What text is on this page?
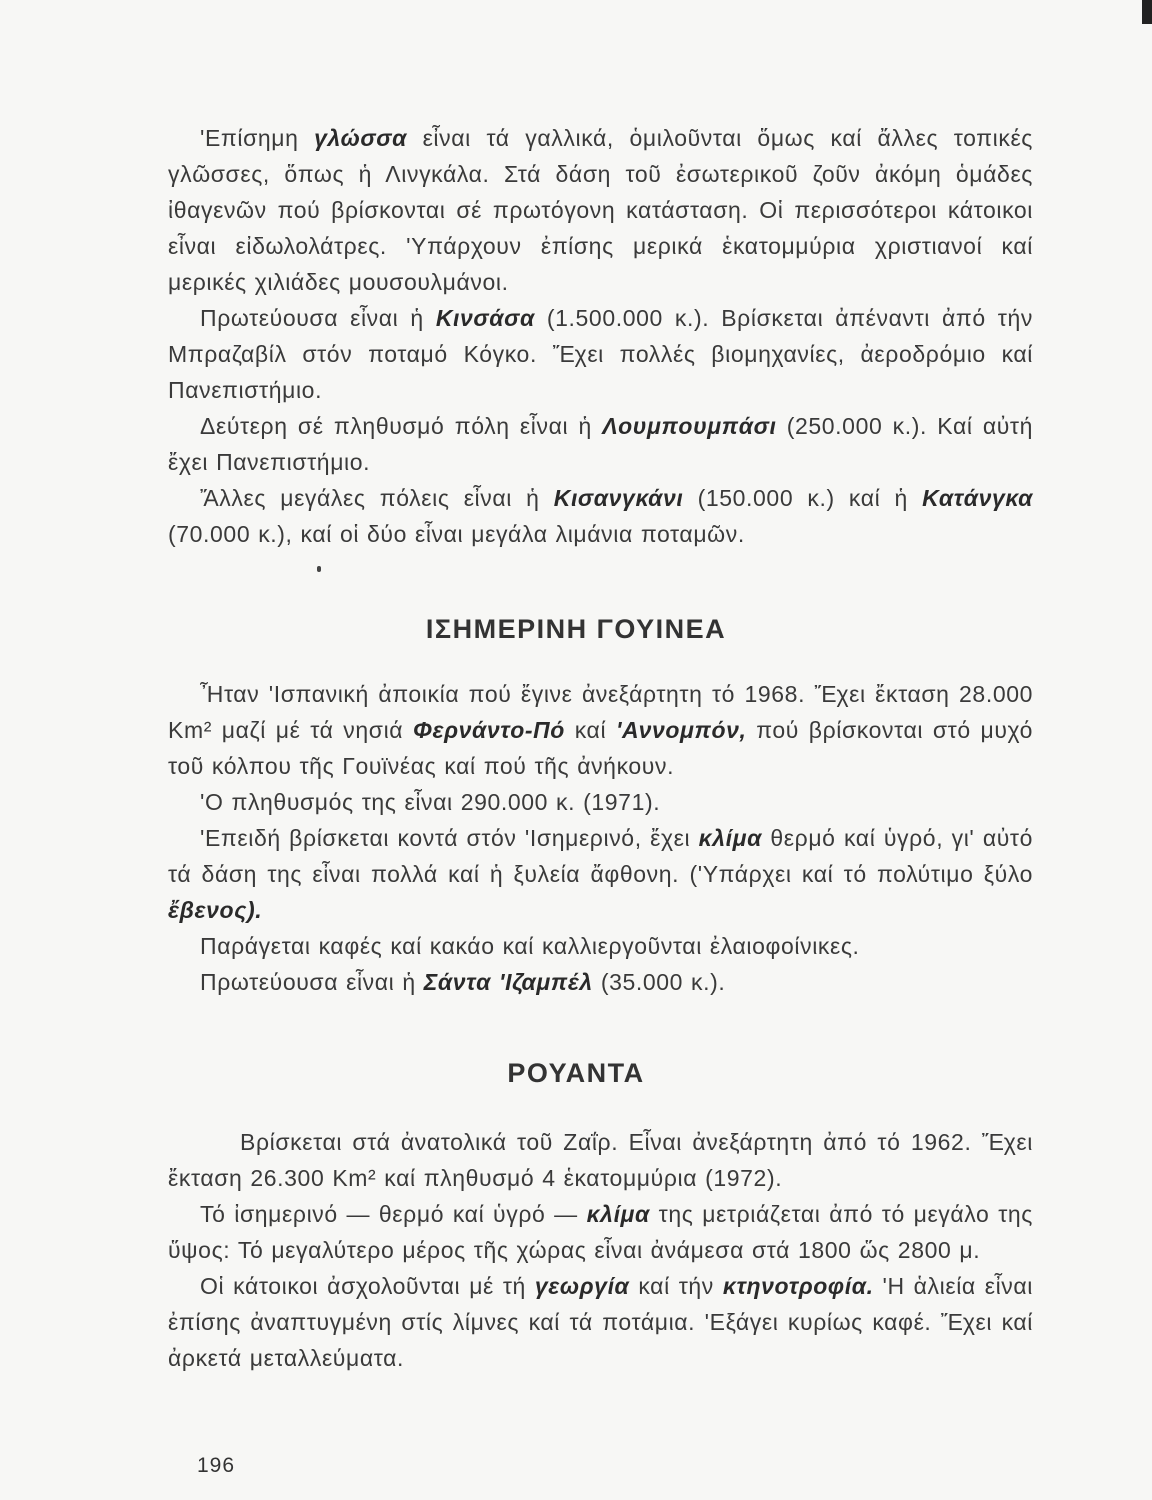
'Επίσημη γλώσσα εἶναι τά γαλλικά, ὁμιλοῦνται ὅμως καί ἄλλες τοπικές γλῶσσες, ὅπως ἡ Λινγκάλα. Στά δάση τοῦ ἐσωτερικοῦ ζοῦν ἀκόμη ὁμάδες ἰθαγενῶν πού βρίσκονται σέ πρωτόγονη κατάσταση. Οἱ περισσότεροι κάτοικοι εἶναι εἰδωλολάτρες. 'Υπάρχουν ἐπίσης μερικά ἑκατομμύρια χριστιανοί καί μερικές χιλιάδες μουσουλμάνοι.

Πρωτεύουσα εἶναι ἡ Κινσάσα (1.500.000 κ.). Βρίσκεται ἀπέναντι ἀπό τήν Μπραζαβίλ στόν ποταμό Κόγκο. Ἔχει πολλές βιομηχανίες, ἀεροδρόμιο καί Πανεπιστήμιο.

Δεύτερη σέ πληθυσμό πόλη εἶναι ἡ Λουμπουμπάσι (250.000 κ.). Καί αὐτή ἔχει Πανεπιστήμιο.

Ἄλλες μεγάλες πόλεις εἶναι ἡ Κισανγκάνι (150.000 κ.) καί ἡ Κατάνγκα (70.000 κ.), καί οἱ δύο εἶναι μεγάλα λιμάνια ποταμῶν.

ΙΣΗΜΕΡΙΝΗ ΓΟΥΙΝΕΑ

Ἦταν 'Ισπανική ἀποικία πού ἔγινε ἀνεξάρτητη τό 1968. Ἔχει ἔκταση 28.000 Km² μαζί μέ τά νησιά Φερνάντο-Πό καί 'Αννομπόν, πού βρίσκονται στό μυχό τοῦ κόλπου τῆς Γουϊνέας καί πού τῆς ἀνήκουν.

'Ο πληθυσμός της εἶναι 290.000 κ. (1971).

'Επειδή βρίσκεται κοντά στόν 'Ισημερινό, ἔχει κλίμα θερμό καί ὑγρό, γι' αὐτό τά δάση της εἶναι πολλά καί ἡ ξυλεία ἄφθονη. ('Υπάρχει καί τό πολύτιμο ξύλο ἔβενος).

Παράγεται καφές καί κακάο καί καλλιεργοῦνται ἐλαιοφοίνικες.

Πρωτεύουσα εἶναι ἡ Σάντα 'Ιζαμπέλ (35.000 κ.).

ΡΟΥΑΝΤΑ

Βρίσκεται στά ἀνατολικά τοῦ Ζαΐρ. Εἶναι ἀνεξάρτητη ἀπό τό 1962. Ἔχει ἔκταση 26.300 Km² καί πληθυσμό 4 ἑκατομμύρια (1972).

Τό ἰσημερινό — θερμό καί ὑγρό — κλίμα της μετριάζεται ἀπό τό μεγάλο της ὕψος: Τό μεγαλύτερο μέρος τῆς χώρας εἶναι ἀνάμεσα στά 1800 ὥς 2800 μ.

Οἱ κάτοικοι ἀσχολοῦνται μέ τή γεωργία καί τήν κτηνοτροφία. 'Η ἁλιεία εἶναι ἐπίσης ἀναπτυγμένη στίς λίμνες καί τά ποτάμια. 'Εξάγει κυρίως καφέ. Ἔχει καί ἀρκετά μεταλλεύματα.

196
